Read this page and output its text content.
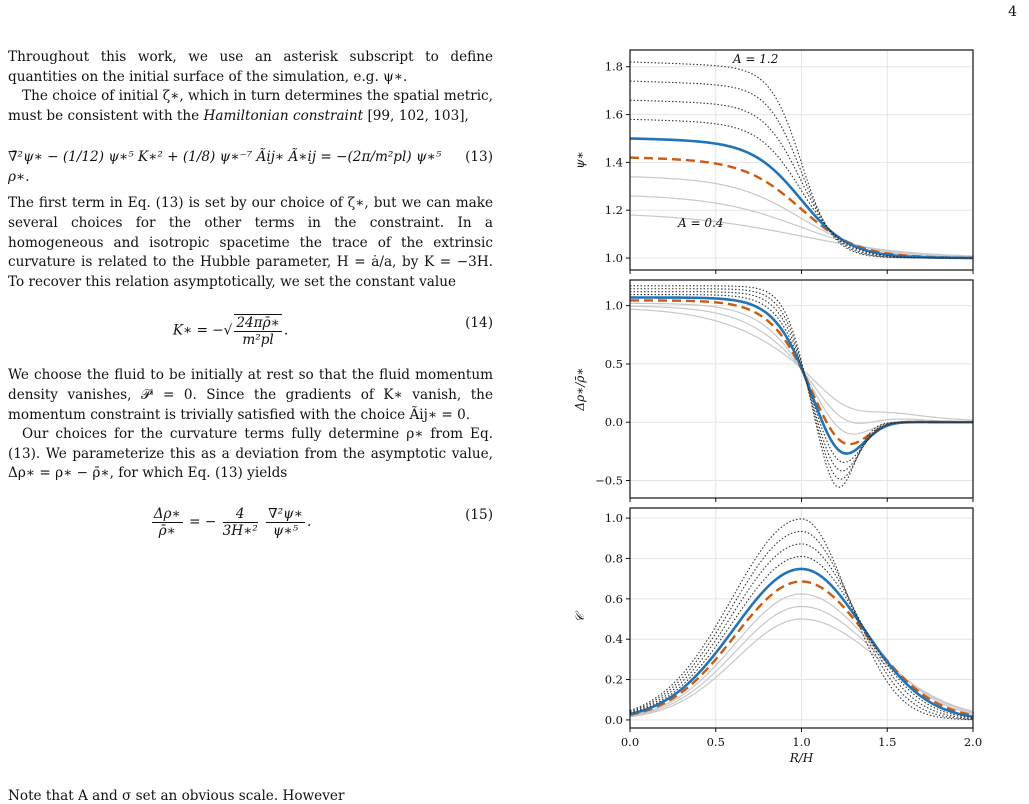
4

Throughout this work, we use an asterisk subscript to define quantities on the initial surface of the simulation, e.g. ψ∗.

The choice of initial ζ∗, which in turn determines the spatial metric, must be consistent with the Hamiltonian constraint [99, 102, 103],

∇̄²ψ∗ − (1/12) ψ∗⁵ K∗² + (1/8) ψ∗⁻⁷ Ãij∗ Ã∗ij = −(2π/m²pl) ψ∗⁵ ρ∗.
(13)

The first term in Eq. (13) is set by our choice of ζ∗, but we can make several choices for the other terms in the constraint. In a homogeneous and isotropic spacetime the trace of the extrinsic curvature is related to the Hubble parameter, H = ȧ/a, by K = −3H. To recover this relation asymptotically, we set the constant value

K∗ = −√ $\frac{24\pi\rhō∗}{\text{m²pl}}$ .	(14)

We choose the fluid to be initially at rest so that the fluid momentum density vanishes, 𝒫ⁱ = 0. Since the gradients of K∗ vanish, the momentum constraint is trivially satisfied with the choice Ãij∗ = 0.

Our choices for the curvature terms fully determine ρ∗ from Eq. (13). We parameterize this as a deviation from the asymptotic value, Δρ∗ = ρ∗ − ρ̄∗, for which Eq. (13) yields

$\frac{\Delta\rho∗}{\rhō∗}$ = − $\frac{4}{\text{3H∗²}}$
$\frac{\text{∇²ψ∗}}{\text{ψ∗⁵}}$ .	(15)
Note that A and σ set an obvious scale. However
1.0
1.2
1.4
1.6
1.8
ψ∗
A = 1.2
A = 0.4
−0.5
0.0
0.5
1.0
Δρ∗/ρ̄∗
0.0
0.2
0.4
0.6
0.8
1.0
𝒞
0.0	0.5	1.0	1.5	2.0
R/H
